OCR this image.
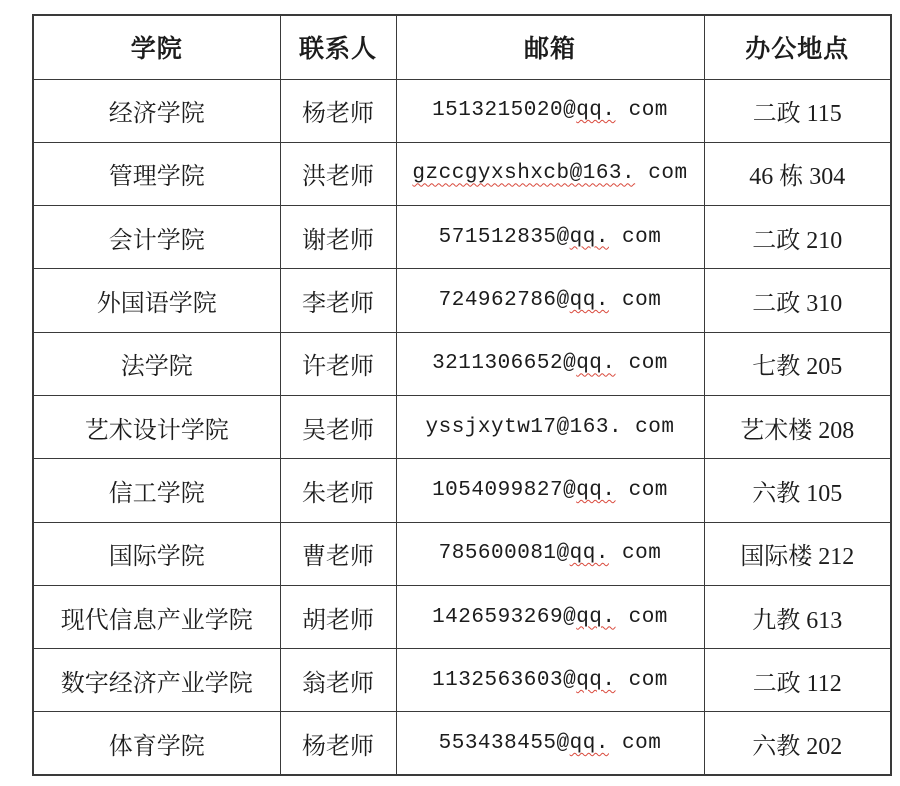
学院	联系人	邮箱	办公地点
经济学院	杨老师	1513215020@qq. com	二政 115
管理学院	洪老师	gzccgyxshxcb@163. com	46 栋 304
会计学院	谢老师	571512835@qq. com	二政 210
外国语学院	李老师	724962786@qq. com	二政 310
法学院	许老师	3211306652@qq. com	七教 205
艺术设计学院	吴老师	yssjxytw17@163. com	艺术楼 208
信工学院	朱老师	1054099827@qq. com	六教 105
国际学院	曹老师	785600081@qq. com	国际楼 212
现代信息产业学院	胡老师	1426593269@qq. com	九教 613
数字经济产业学院	翁老师	1132563603@qq. com	二政 112
体育学院	杨老师	553438455@qq. com	六教 202
